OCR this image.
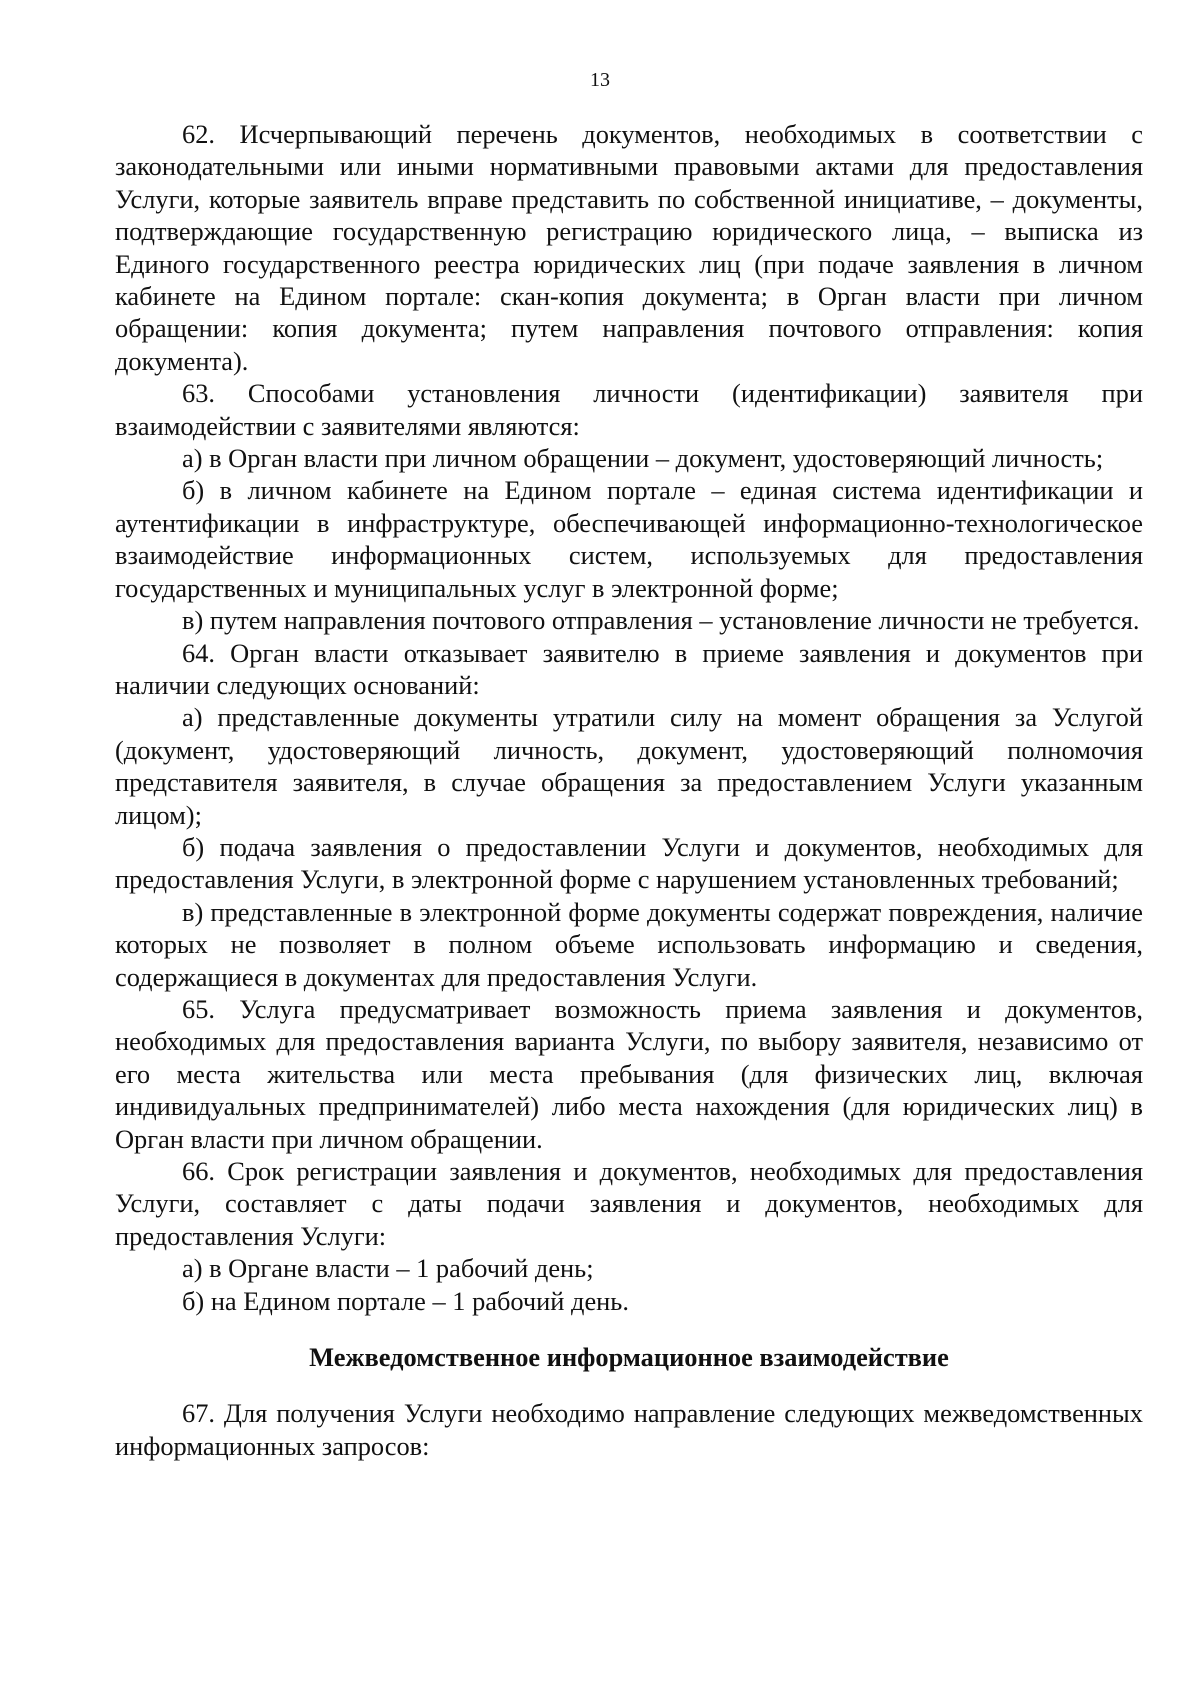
13

62. Исчерпывающий перечень документов, необходимых в соответствии с законодательными или иными нормативными правовыми актами для предоставления Услуги, которые заявитель вправе представить по собственной инициативе, – документы, подтверждающие государственную регистрацию юридического лица, – выписка из Единого государственного реестра юридических лиц (при подаче заявления в личном кабинете на Едином портале: скан-копия документа; в Орган власти при личном обращении: копия документа; путем направления почтового отправления: копия документа).

63. Способами установления личности (идентификации) заявителя при взаимодействии с заявителями являются:

а) в Орган власти при личном обращении – документ, удостоверяющий личность;

б) в личном кабинете на Едином портале – единая система идентификации и аутентификации в инфраструктуре, обеспечивающей информационно-технологическое взаимодействие информационных систем, используемых для предоставления государственных и муниципальных услуг в электронной форме;

в) путем направления почтового отправления – установление личности не требуется.

64. Орган власти отказывает заявителю в приеме заявления и документов при наличии следующих оснований:

а) представленные документы утратили силу на момент обращения за Услугой (документ, удостоверяющий личность, документ, удостоверяющий полномочия представителя заявителя, в случае обращения за предоставлением Услуги указанным лицом);

б) подача заявления о предоставлении Услуги и документов, необходимых для предоставления Услуги, в электронной форме с нарушением установленных требований;

в) представленные в электронной форме документы содержат повреждения, наличие которых не позволяет в полном объеме использовать информацию и сведения, содержащиеся в документах для предоставления Услуги.

65. Услуга предусматривает возможность приема заявления и документов, необходимых для предоставления варианта Услуги, по выбору заявителя, независимо от его места жительства или места пребывания (для физических лиц, включая индивидуальных предпринимателей) либо места нахождения (для юридических лиц) в Орган власти при личном обращении.

66. Срок регистрации заявления и документов, необходимых для предоставления Услуги, составляет с даты подачи заявления и документов, необходимых для предоставления Услуги:

а) в Органе власти – 1 рабочий день;

б) на Едином портале – 1 рабочий день.

Межведомственное информационное взаимодействие

67. Для получения Услуги необходимо направление следующих межведомственных информационных запросов:
